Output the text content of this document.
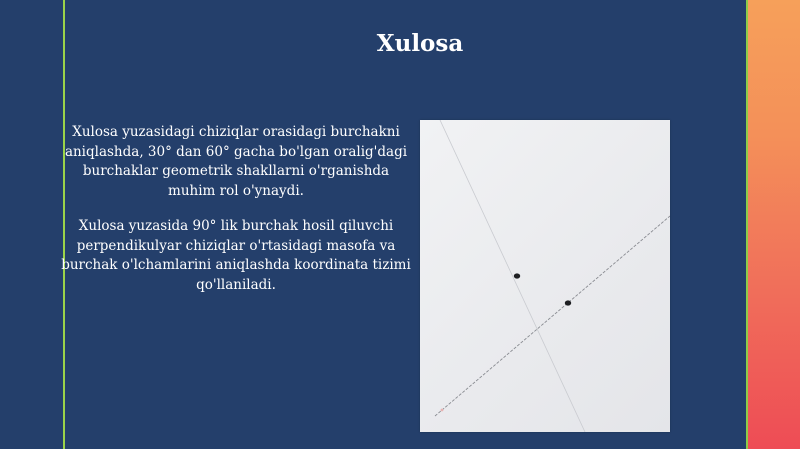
Xulosa

Xulosa yuzasidagi chiziqlar orasidagi burchakni aniqlashda, 30° dan 60° gacha bo'lgan oralig'dagi burchaklar geometrik shakllarni o'rganishda muhim rol o'ynaydi.

Xulosa yuzasida 90° lik burchak hosil qiluvchi perpendikulyar chiziqlar o'rtasidagi masofa va burchak o'lchamlarini aniqlashda koordinata tizimi qo'llaniladi.
